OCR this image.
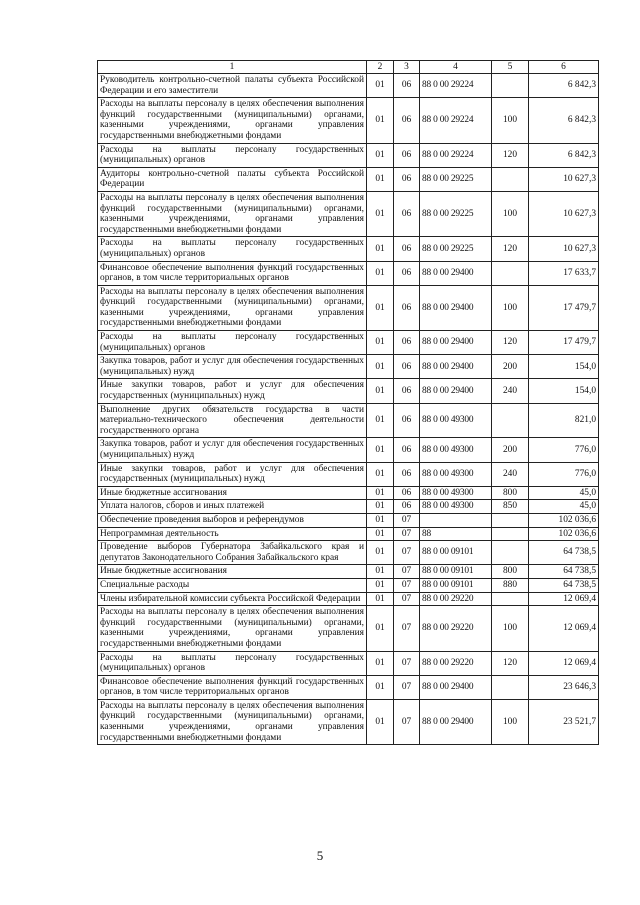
1	2	3	4	5	6
Руководитель контрольно-счетной палаты субъекта Российской Федерации и его заместители	01	06	88 0 00 29224		6 842,3
Расходы на выплаты персоналу в целях обеспечения выполнения функций государственными (муниципальными) органами, казенными учреждениями, органами управления государственными внебюджетными фондами	01	06	88 0 00 29224	100	6 842,3
Расходы на выплаты персоналу государственных (муниципальных) органов	01	06	88 0 00 29224	120	6 842,3
Аудиторы контрольно-счетной палаты субъекта Российской Федерации	01	06	88 0 00 29225		10 627,3
Расходы на выплаты персоналу в целях обеспечения выполнения функций государственными (муниципальными) органами, казенными учреждениями, органами управления государственными внебюджетными фондами	01	06	88 0 00 29225	100	10 627,3
Расходы на выплаты персоналу государственных (муниципальных) органов	01	06	88 0 00 29225	120	10 627,3
Финансовое обеспечение выполнения функций государственных органов, в том числе территориальных органов	01	06	88 0 00 29400		17 633,7
Расходы на выплаты персоналу в целях обеспечения выполнения функций государственными (муниципальными) органами, казенными учреждениями, органами управления государственными внебюджетными фондами	01	06	88 0 00 29400	100	17 479,7
Расходы на выплаты персоналу государственных (муниципальных) органов	01	06	88 0 00 29400	120	17 479,7
Закупка товаров, работ и услуг для обеспечения государственных (муниципальных) нужд	01	06	88 0 00 29400	200	154,0
Иные закупки товаров, работ и услуг для обеспечения государственных (муниципальных) нужд	01	06	88 0 00 29400	240	154,0
Выполнение других обязательств государства в части материально-технического обеспечения деятельности государственного органа	01	06	88 0 00 49300		821,0
Закупка товаров, работ и услуг для обеспечения государственных (муниципальных) нужд	01	06	88 0 00 49300	200	776,0
Иные закупки товаров, работ и услуг для обеспечения государственных (муниципальных) нужд	01	06	88 0 00 49300	240	776,0
Иные бюджетные ассигнования	01	06	88 0 00 49300	800	45,0
Уплата налогов, сборов и иных платежей	01	06	88 0 00 49300	850	45,0
Обеспечение проведения выборов и референдумов	01	07			102 036,6
Непрограммная деятельность	01	07	88		102 036,6
Проведение выборов Губернатора Забайкальского края и депутатов Законодательного Собрания Забайкальского края	01	07	88 0 00 09101		64 738,5
Иные бюджетные ассигнования	01	07	88 0 00 09101	800	64 738,5
Специальные расходы	01	07	88 0 00 09101	880	64 738,5
Члены избирательной комиссии субъекта Российской Федерации	01	07	88 0 00 29220		12 069,4
Расходы на выплаты персоналу в целях обеспечения выполнения функций государственными (муниципальными) органами, казенными учреждениями, органами управления государственными внебюджетными фондами	01	07	88 0 00 29220	100	12 069,4
Расходы на выплаты персоналу государственных (муниципальных) органов	01	07	88 0 00 29220	120	12 069,4
Финансовое обеспечение выполнения функций государственных органов, в том числе территориальных органов	01	07	88 0 00 29400		23 646,3
Расходы на выплаты персоналу в целях обеспечения выполнения функций государственными (муниципальными) органами, казенными учреждениями, органами управления государственными внебюджетными фондами	01	07	88 0 00 29400	100	23 521,7
5
